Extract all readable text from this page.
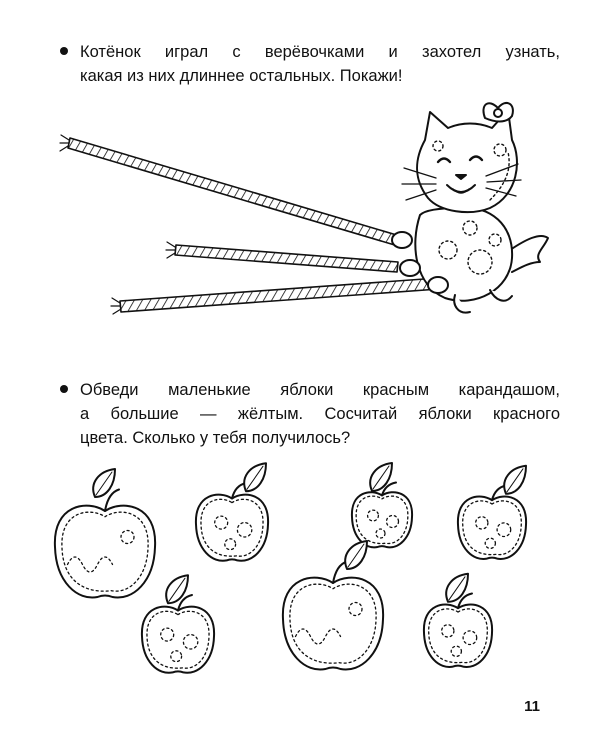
Котёнок играл с верёвочками и захотел узнать,
какая из них длиннее остальных. Покажи!
Обведи маленькие яблоки красным карандашом,
а большие — жёлтым. Сосчитай яблоки красного
цвета. Сколько у тебя получилось?
11
